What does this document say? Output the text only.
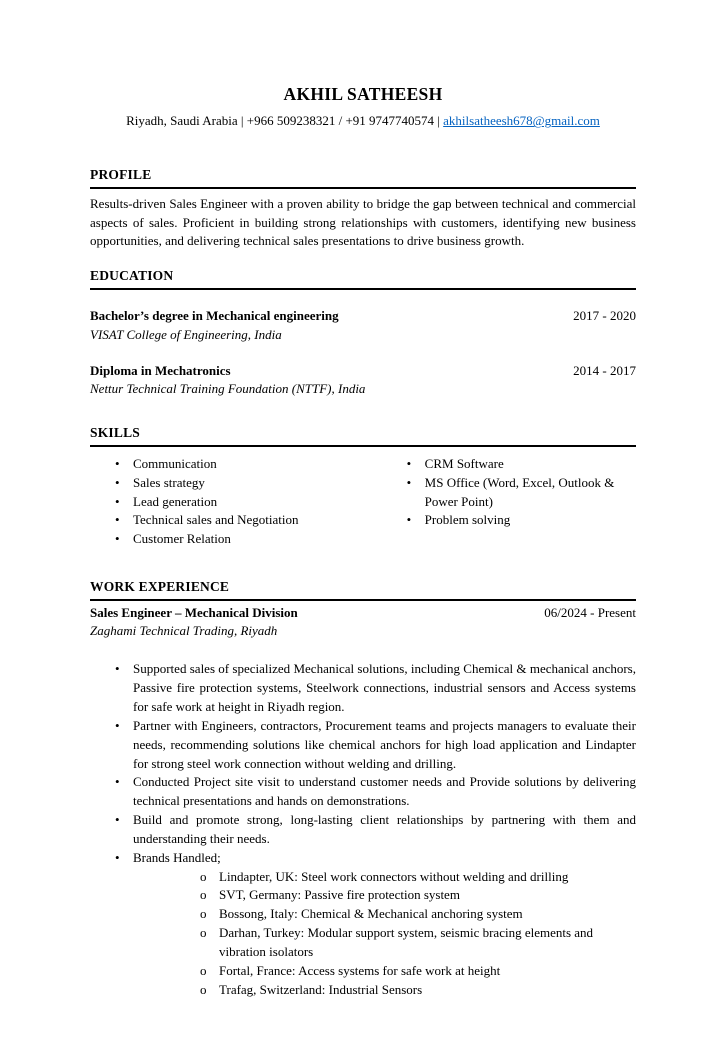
AKHIL SATHEESH
Riyadh, Saudi Arabia | +966 509238321 / +91 9747740574 | akhilsatheesh678@gmail.com
PROFILE
Results-driven Sales Engineer with a proven ability to bridge the gap between technical and commercial aspects of sales. Proficient in building strong relationships with customers, identifying new business opportunities, and delivering technical sales presentations to drive business growth.
EDUCATION
Bachelor’s degree in Mechanical engineering	2017 - 2020
VISAT College of Engineering, India
Diploma in Mechatronics	2014 - 2017
Nettur Technical Training Foundation (NTTF), India
SKILLS
•	Communication
•	Sales strategy
•	Lead generation
•	Technical sales and Negotiation
•	Customer Relation
•	CRM Software
•	MS Office (Word, Excel, Outlook & Power Point)
•	Problem solving
WORK EXPERIENCE
Sales Engineer – Mechanical Division	06/2024 - Present
Zaghami Technical Trading, Riyadh
•	Supported sales of specialized Mechanical solutions, including Chemical & mechanical anchors, Passive fire protection systems, Steelwork connections, industrial sensors and Access systems for safe work at height in Riyadh region.
•	Partner with Engineers, contractors, Procurement teams and projects managers to evaluate their needs, recommending solutions like chemical anchors for high load application and Lindapter for strong steel work connection without welding and drilling.
•	Conducted Project site visit to understand customer needs and Provide solutions by delivering technical presentations and hands on demonstrations.
•	Build and promote strong, long-lasting client relationships by partnering with them and understanding their needs.
•	Brands Handled;
o Lindapter, UK: Steel work connectors without welding and drilling
o SVT, Germany: Passive fire protection system
o Bossong, Italy: Chemical & Mechanical anchoring system
o Darhan, Turkey: Modular support system, seismic bracing elements and vibration isolators
o Fortal, France: Access systems for safe work at height
o Trafag, Switzerland: Industrial Sensors
